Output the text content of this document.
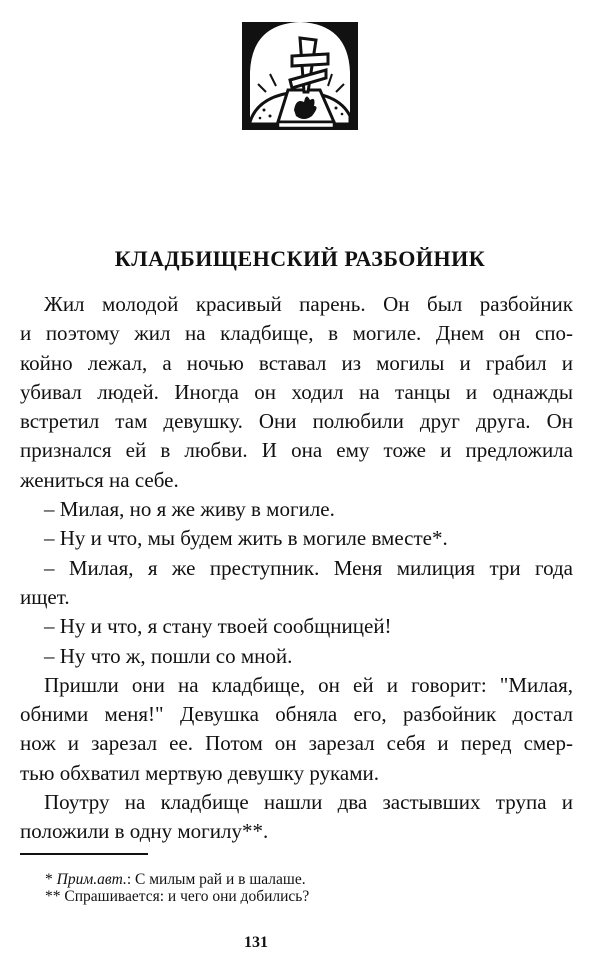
КЛАДБИЩЕНСКИЙ РАЗБОЙНИК
Жил молодой красивый парень. Он был разбойник
и поэтому жил на кладбище, в могиле. Днем он спо-
койно лежал, а ночью вставал из могилы и грабил и
убивал людей. Иногда он ходил на танцы и однажды
встретил там девушку. Они полюбили друг друга. Он
признался ей в любви. И она ему тоже и предложила
жениться на себе.
– Милая, но я же живу в могиле.
– Ну и что, мы будем жить в могиле вместе*.
– Милая, я же преступник. Меня милиция три года
ищет.
– Ну и что, я стану твоей сообщницей!
– Ну что ж, пошли со мной.
Пришли они на кладбище, он ей и говорит: "Милая,
обними меня!" Девушка обняла его, разбойник достал
нож и зарезал ее. Потом он зарезал себя и перед смер-
тью обхватил мертвую девушку руками.
Поутру на кладбище нашли два застывших трупа и
положили в одну могилу**.
* Прим.авт.: С милым рай и в шалаше.
** Спрашивается: и чего они добились?
131
